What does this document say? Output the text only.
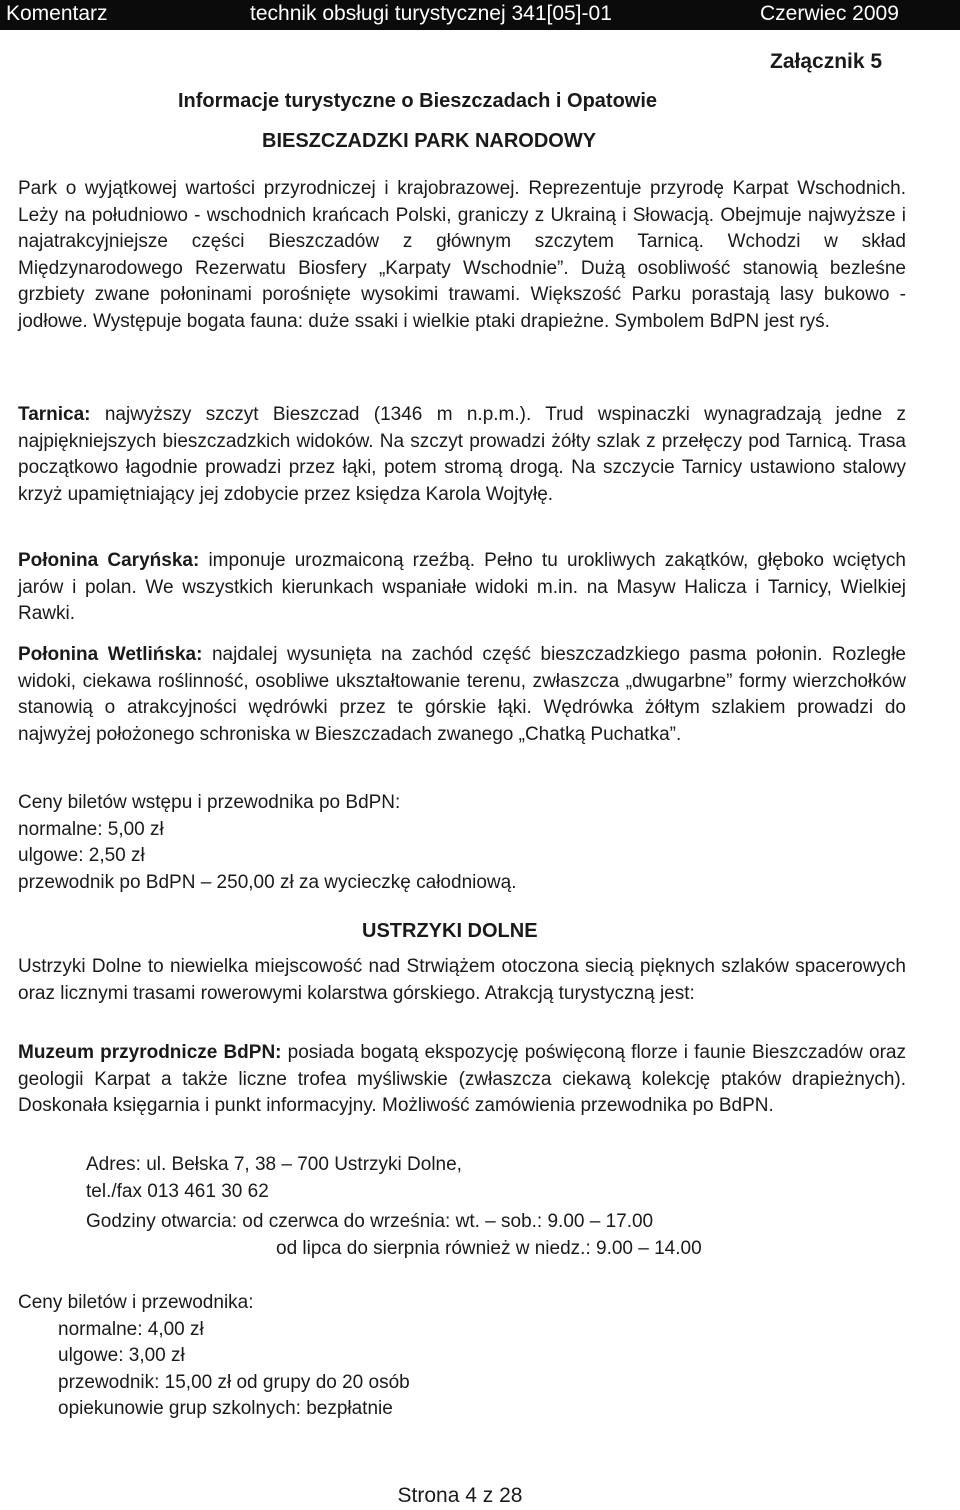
Komentarz	technik obsługi turystycznej 341[05]-01	Czerwiec 2009
Załącznik 5
Informacje turystyczne o Bieszczadach i Opatowie
BIESZCZADZKI PARK NARODOWY

Park o wyjątkowej wartości przyrodniczej i krajobrazowej. Reprezentuje przyrodę Karpat Wschodnich. Leży na południowo - wschodnich krańcach Polski, graniczy z Ukrainą i Słowacją. Obejmuje najwyższe i najatrakcyjniejsze części Bieszczadów z głównym szczytem Tarnicą. Wchodzi w skład Międzynarodowego Rezerwatu Biosfery „Karpaty Wschodnie”. Dużą osobliwość stanowią bezleśne grzbiety zwane połoninami porośnięte wysokimi trawami. Większość Parku porastają lasy bukowo - jodłowe. Występuje bogata fauna: duże ssaki i wielkie ptaki drapieżne. Symbolem BdPN jest ryś.

Tarnica: najwyższy szczyt Bieszczad (1346 m n.p.m.). Trud wspinaczki wynagradzają jedne z najpiękniejszych bieszczadzkich widoków. Na szczyt prowadzi żółty szlak z przełęczy pod Tarnicą. Trasa początkowo łagodnie prowadzi przez łąki, potem stromą drogą. Na szczycie Tarnicy ustawiono stalowy krzyż upamiętniający jej zdobycie przez księdza Karola Wojtyłę.

Połonina Caryńska: imponuje urozmaiconą rzeźbą. Pełno tu urokliwych zakątków, głęboko wciętych jarów i polan. We wszystkich kierunkach wspaniałe widoki m.in. na Masyw Halicza i Tarnicy, Wielkiej Rawki.

Połonina Wetlińska: najdalej wysunięta na zachód część bieszczadzkiego pasma połonin. Rozległe widoki, ciekawa roślinność, osobliwe ukształtowanie terenu, zwłaszcza „dwugarbne” formy wierzchołków stanowią o atrakcyjności wędrówki przez te górskie łąki. Wędrówka żółtym szlakiem prowadzi do najwyżej położonego schroniska w Bieszczadach zwanego „Chatką Puchatka”.

Ceny biletów wstępu i przewodnika po BdPN:
normalne: 5,00 zł
ulgowe: 2,50 zł
przewodnik po BdPN – 250,00 zł za wycieczkę całodniową.
USTRZYKI DOLNE

Ustrzyki Dolne to niewielka miejscowość nad Strwiążem otoczona siecią pięknych szlaków spacerowych oraz licznymi trasami rowerowymi kolarstwa górskiego. Atrakcją turystyczną jest:

Muzeum przyrodnicze BdPN: posiada bogatą ekspozycję poświęconą florze i faunie Bieszczadów oraz geologii Karpat a także liczne trofea myśliwskie (zwłaszcza ciekawą kolekcję ptaków drapieżnych). Doskonała księgarnia i punkt informacyjny. Możliwość zamówienia przewodnika po BdPN.

Adres: ul. Bełska 7, 38 – 700 Ustrzyki Dolne,
tel./fax 013 461 30 62
Godziny otwarcia: od czerwca do września: wt. – sob.: 9.00 – 17.00
od lipca do sierpnia również w niedz.: 9.00 – 14.00
Ceny biletów i przewodnika:
normalne: 4,00 zł
ulgowe: 3,00 zł
przewodnik: 15,00 zł od grupy do 20 osób
opiekunowie grup szkolnych: bezpłatnie
Strona 4 z 28
